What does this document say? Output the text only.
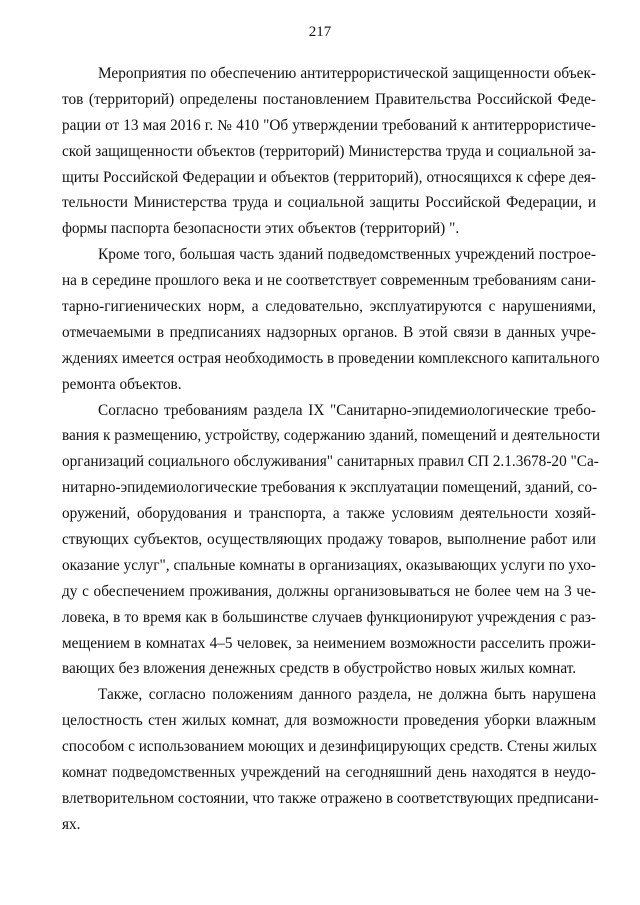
217

Мероприятия по обеспечению антитеррористической защищенности объек-
тов (территорий) определены постановлением Правительства Российской Феде-
рации от 13 мая 2016 г. № 410 "Об утверждении требований к антитеррористиче-
ской защищенности объектов (территорий) Министерства труда и социальной за-
щиты Российской Федерации и объектов (территорий), относящихся к сфере дея-
тельности Министерства труда и социальной защиты Российской Федерации, и
формы паспорта безопасности этих объектов (территорий) ".

Кроме того, большая часть зданий подведомственных учреждений построе-
на в середине прошлого века и не соответствует современным требованиям сани-
тарно-гигиенических норм, а следовательно, эксплуатируются с нарушениями,
отмечаемыми в предписаниях надзорных органов. В этой связи в данных учре-
ждениях имеется острая необходимость в проведении комплексного капитального
ремонта объектов.

Согласно требованиям раздела IX "Санитарно-эпидемиологические требо-
вания к размещению, устройству, содержанию зданий, помещений и деятельности
организаций социального обслуживания" санитарных правил СП 2.1.3678-20 "Са-
нитарно-эпидемиологические требования к эксплуатации помещений, зданий, со-
оружений, оборудования и транспорта, а также условиям деятельности хозяй-
ствующих субъектов, осуществляющих продажу товаров, выполнение работ или
оказание услуг", спальные комнаты в организациях, оказывающих услуги по ухо-
ду с обеспечением проживания, должны организовываться не более чем на 3 че-
ловека, в то время как в большинстве случаев функционируют учреждения с раз-
мещением в комнатах 4–5 человек, за неимением возможности расселить прожи-
вающих без вложения денежных средств в обустройство новых жилых комнат.

Также, согласно положениям данного раздела, не должна быть нарушена
целостность стен жилых комнат, для возможности проведения уборки влажным
способом с использованием моющих и дезинфицирующих средств. Стены жилых
комнат подведомственных учреждений на сегодняшний день находятся в неудо-
влетворительном состоянии, что также отражено в соответствующих предписани-
ях.
